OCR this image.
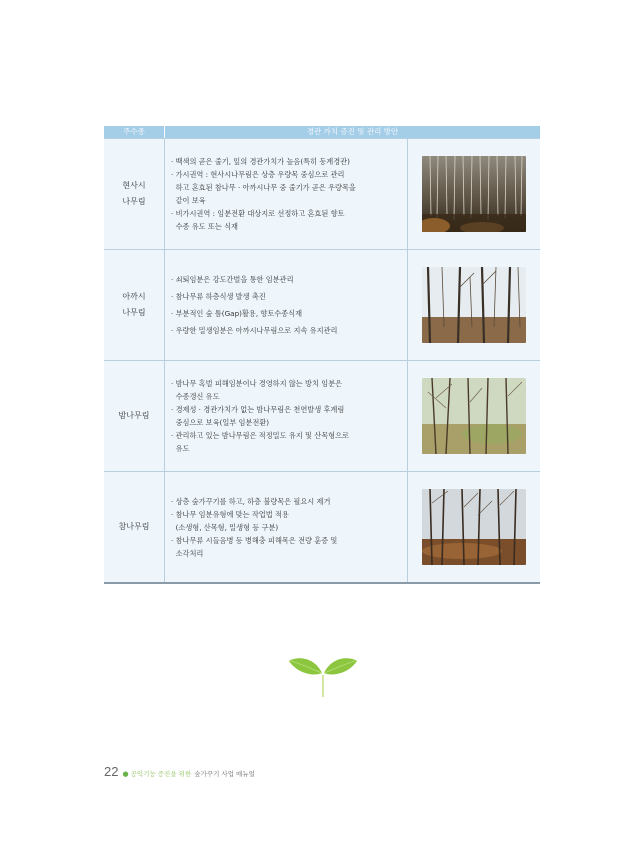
주수종	경관 가치 증진 및 관리 방안
현사시
나무림
· 백색의 곧은 줄기, 잎의 경관가치가 높음(특히 동계경관)
· 가시권역 : 현사시나무림은 상층 우량목 중심으로 관리
하고 혼효된 참나무 · 아까시나무 중 줄기가 곧은 우량목을
같이 보육
· 비가시권역 : 임분전환 대상지로 선정하고 혼효된 향토
수종 유도 또는 식재
아까시
나무림
· 쇠퇴임분은 강도간벌을 통한 임분관리
· 참나무류 하층식생 발생 촉진
· 부분적인 숲 틈(Gap)활용, 향토수종식재
· 우량한 밀생임분은 아까시나무림으로 지속 유지관리
밤나무림
· 밤나무 혹벌 피해임분이나 경영하지 않는 방치 임분은
수종갱신 유도
· 경제성 · 경관가치가 없는 밤나무림은 천연발생 후계림
중심으로 보육(일부 임분전환)
· 관리하고 있는 밤나무림은 적정밀도 유지 및 산목형으로
유도
참나무림
· 상층 숲가꾸기를 하고, 하층 불량목은 필요시 제거
· 참나무 임분유형에 맞는 작업법 적용
(소생형, 산목형, 밀생형 등 구분)
· 참나무류 시들음병 등 병해충 피해목은 전량 훈증 및
소각처리
22 ● 공익기능 증진을 위한 숲가꾸기 사업 매뉴얼
